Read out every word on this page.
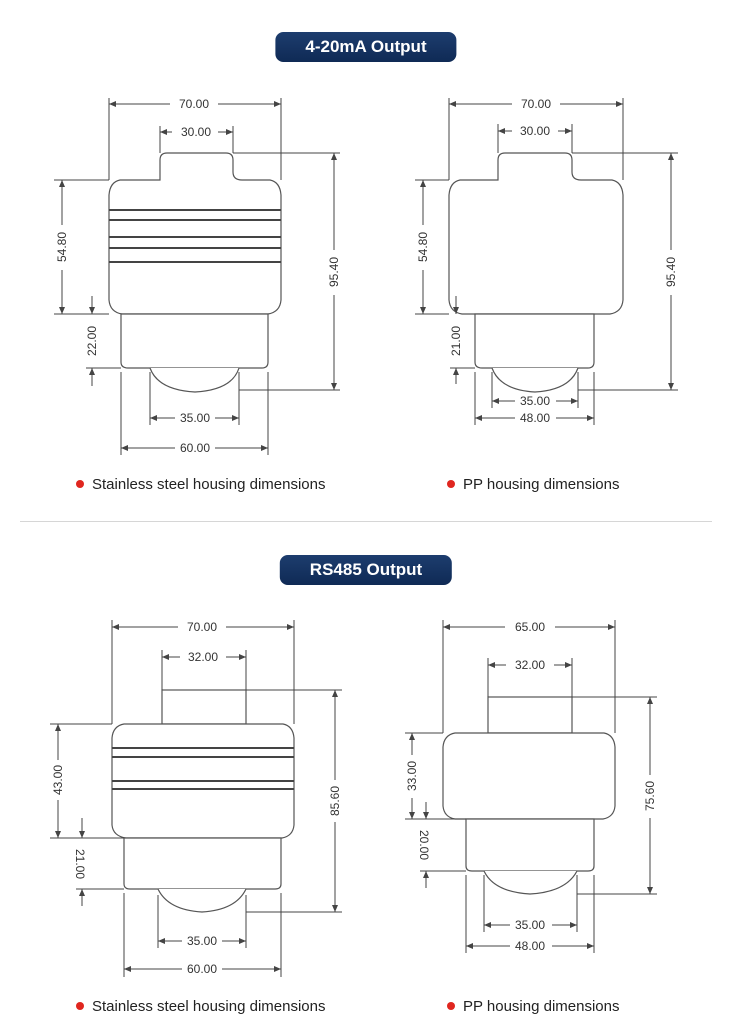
4-20mA Output
RS485 Output
70.00
30.00
54.80
22.00
95.40
35.00
60.00
70.00
30.00
54.80
21.00
95.40
35.00
48.00
70.00
32.00
43.00
21.00
85.60
35.00
60.00
65.00
32.00
33.00
20.00
75.60
35.00
48.00
Stainless steel housing dimensions	PP housing dimensions
Stainless steel housing dimensions	PP housing dimensions
